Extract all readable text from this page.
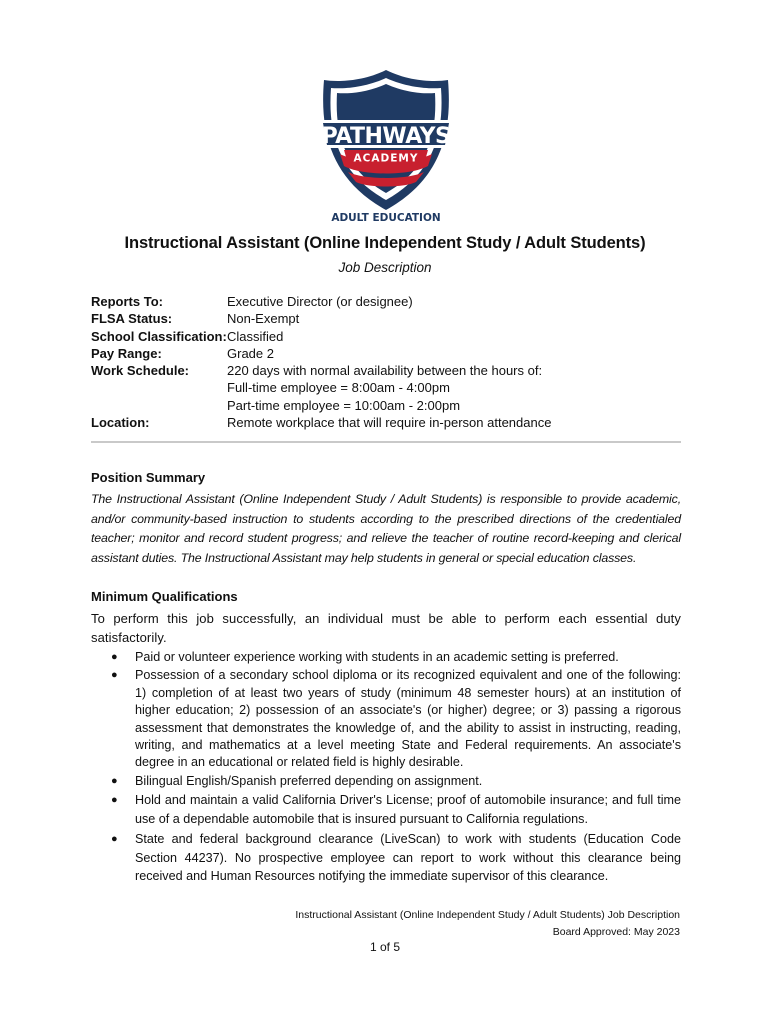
PATHWAYS
ACADEMY
ADULT EDUCATION
Instructional Assistant (Online Independent Study / Adult Students)
Job Description
Reports To:	Executive Director (or designee)
FLSA Status:	Non-Exempt
School Classification: Classified
Pay Range:	Grade 2
Work Schedule:	220 days with normal availability between the hours of:
Full-time employee = 8:00am - 4:00pm
Part-time employee = 10:00am - 2:00pm
Location:	Remote workplace that will require in-person attendance
Position Summary
The Instructional Assistant (Online Independent Study / Adult Students) is responsible to provide academic, and/or community-based instruction to students according to the prescribed directions of the credentialed teacher; monitor and record student progress; and relieve the teacher of routine record-keeping and clerical assistant duties. The Instructional Assistant may help students in general or special education classes.
Minimum Qualifications
To perform this job successfully, an individual must be able to perform each essential duty satisfactorily.
● Paid or volunteer experience working with students in an academic setting is preferred.
● Possession of a secondary school diploma or its recognized equivalent and one of the following: 1) completion of at least two years of study (minimum 48 semester hours) at an institution of higher education; 2) possession of an associate's (or higher) degree; or 3) passing a rigorous assessment that demonstrates the knowledge of, and the ability to assist in instructing, reading, writing, and mathematics at a level meeting State and Federal requirements. An associate's degree in an educational or related field is highly desirable.
● Bilingual English/Spanish preferred depending on assignment.
● Hold and maintain a valid California Driver's License; proof of automobile insurance; and full time use of a dependable automobile that is insured pursuant to California regulations.
● State and federal background clearance (LiveScan) to work with students (Education Code Section 44237). No prospective employee can report to work without this clearance being received and Human Resources notifying the immediate supervisor of this clearance.
Instructional Assistant (Online Independent Study / Adult Students) Job Description
Board Approved: May 2023
1 of 5
